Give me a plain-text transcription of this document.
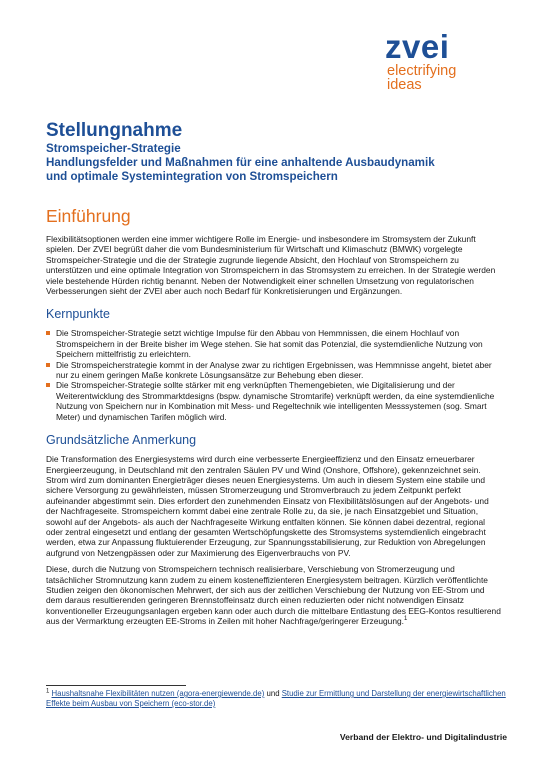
zvei
electrifying
ideas
Stellungnahme

Stromspeicher-Strategie

Handlungsfelder und Maßnahmen für eine anhaltende Ausbaudynamik

und optimale Systemintegration von Stromspeichern

Einführung

Flexibilitätsoptionen werden eine immer wichtigere Rolle im Energie- und insbesondere im Stromsystem der Zukunft spielen. Der ZVEI begrüßt daher die vom Bundesministerium für Wirtschaft und Klimaschutz (BMWK) vorgelegte Stromspeicher-Strategie und die der Strategie zugrunde liegende Absicht, den Hochlauf von Stromspeichern zu unterstützen und eine optimale Integration von Stromspeichern in das Stromsystem zu erreichen. In der Strategie werden viele bestehende Hürden richtig benannt. Neben der Notwendigkeit einer schnellen Umsetzung von regulatorischen Verbesserungen sieht der ZVEI aber auch noch Bedarf für Konkretisierungen und Ergänzungen.

Kernpunkte
Die Stromspeicher-Strategie setzt wichtige Impulse für den Abbau von Hemmnissen, die einem Hochlauf von Stromspeichern in der Breite bisher im Wege stehen. Sie hat somit das Potenzial, die systemdienliche Nutzung von Speichern mittelfristig zu erleichtern.
Die Stromspeicherstrategie kommt in der Analyse zwar zu richtigen Ergebnissen, was Hemmnisse angeht, bietet aber nur zu einem geringen Maße konkrete Lösungsansätze zur Behebung eben dieser.
Die Stromspeicher-Strategie sollte stärker mit eng verknüpften Themengebieten, wie Digitalisierung und der Weiterentwicklung des Strommarktdesigns (bspw. dynamische Stromtarife) verknüpft werden, da eine systemdienliche Nutzung von Speichern nur in Kombination mit Mess- und Regeltechnik wie intelligenten Messsystemen (sog. Smart Meter) und dynamischen Tarifen möglich wird.
Grundsätzliche Anmerkung

Die Transformation des Energiesystems wird durch eine verbesserte Energieeffizienz und den Einsatz erneuerbarer Energieerzeugung, in Deutschland mit den zentralen Säulen PV und Wind (Onshore, Offshore), gekennzeichnet sein. Strom wird zum dominanten Energieträger dieses neuen Energiesystems. Um auch in diesem System eine stabile und sichere Versorgung zu gewährleisten, müssen Stromerzeugung und Stromverbrauch zu jedem Zeitpunkt perfekt aufeinander abgestimmt sein. Dies erfordert den zunehmenden Einsatz von Flexibilitätslösungen auf der Angebots- und der Nachfrageseite. Stromspeichern kommt dabei eine zentrale Rolle zu, da sie, je nach Einsatzgebiet und Situation, sowohl auf der Angebots- als auch der Nachfrageseite Wirkung entfalten können. Sie können dabei dezentral, regional oder zentral eingesetzt und entlang der gesamten Wertschöpfungskette des Stromsystems systemdienlich eingebracht werden, etwa zur Anpassung fluktuierender Erzeugung, zur Spannungsstabilisierung, zur Reduktion von Abregelungen aufgrund von Netzengpässen oder zur Maximierung des Eigenverbrauchs von PV.

Diese, durch die Nutzung von Stromspeichern technisch realisierbare, Verschiebung von Stromerzeugung und tatsächlicher Stromnutzung kann zudem zu einem kosteneffizienteren Energiesystem beitragen. Kürzlich veröffentlichte Studien zeigen den ökonomischen Mehrwert, der sich aus der zeitlichen Verschiebung der Nutzung von EE-Strom und dem daraus resultierenden geringeren Brennstoffeinsatz durch einen reduzierten oder nicht notwendigen Einsatz konventioneller Erzeugungsanlagen ergeben kann oder auch durch die mittelbare Entlastung des EEG-Kontos resultierend aus der Vermarktung erzeugten EE-Stroms in Zeilen mit hoher Nachfrage/geringerer Erzeugung.$^1$

$^1$ Haushaltsnahe Flexibilitäten nutzen (agora-energiewende.de) und Studie zur Ermittlung und Darstellung der energiewirtschaftlichen Effekte beim Ausbau von Speichern (eco-stor.de)
Verband der Elektro- und Digitalindustrie
